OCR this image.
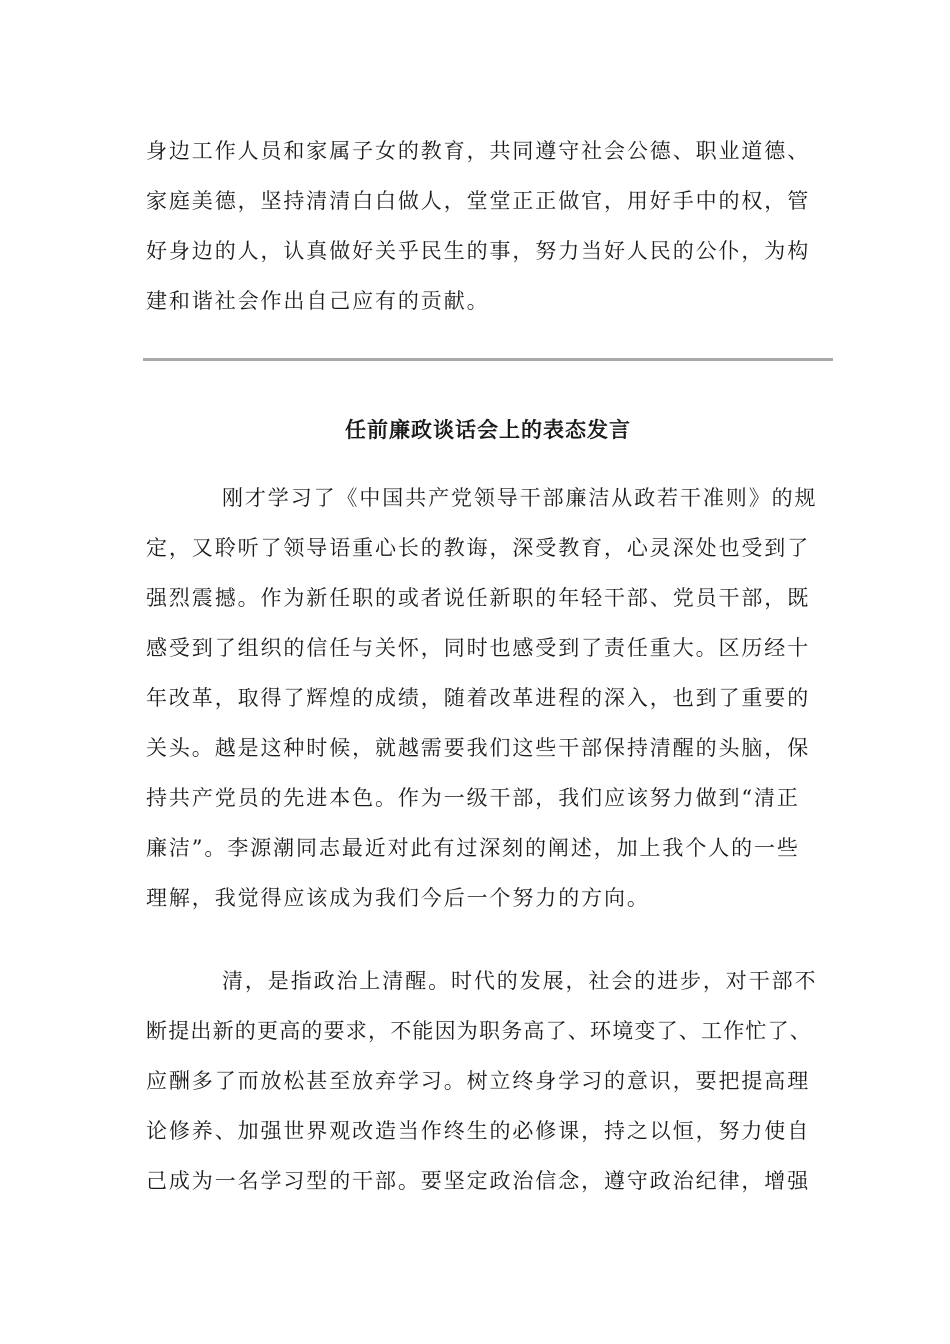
身边工作人员和家属子女的教育，共同遵守社会公德、职业道德、
家庭美德，坚持清清白白做人，堂堂正正做官，用好手中的权，管
好身边的人，认真做好关乎民生的事，努力当好人民的公仆，为构
建和谐社会作出自己应有的贡献。
任前廉政谈话会上的表态发言
刚才学习了《中国共产党领导干部廉洁从政若干准则》的规
定，又聆听了领导语重心长的教诲，深受教育，心灵深处也受到了
强烈震撼。作为新任职的或者说任新职的年轻干部、党员干部，既
感受到了组织的信任与关怀，同时也感受到了责任重大。区历经十
年改革，取得了辉煌的成绩，随着改革进程的深入，也到了重要的
关头。越是这种时候，就越需要我们这些干部保持清醒的头脑，保
持共产党员的先进本色。作为一级干部，我们应该努力做到“清正
廉洁”。李源潮同志最近对此有过深刻的阐述，加上我个人的一些
理解，我觉得应该成为我们今后一个努力的方向。
清，是指政治上清醒。时代的发展，社会的进步，对干部不
断提出新的更高的要求，不能因为职务高了、环境变了、工作忙了、
应酬多了而放松甚至放弃学习。树立终身学习的意识，要把提高理
论修养、加强世界观改造当作终生的必修课，持之以恒，努力使自
己成为一名学习型的干部。要坚定政治信念，遵守政治纪律，增强
